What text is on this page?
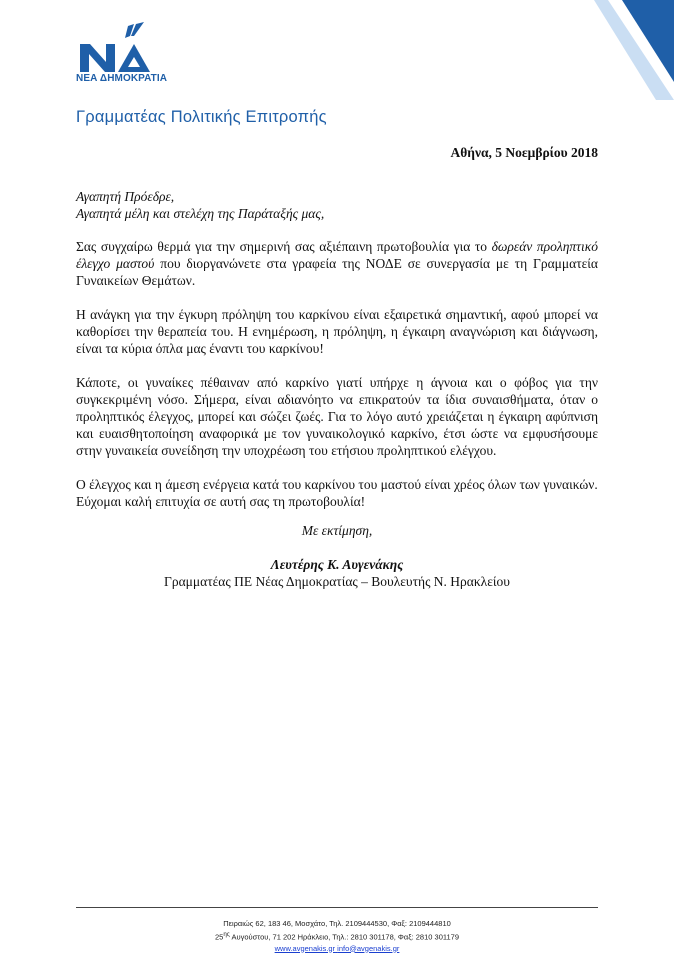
ΝΕΑ ΔΗΜΟΚΡΑΤΙΑ
Γραμματέας Πολιτικής Επιτροπής
Αθήνα, 5 Νοεμβρίου 2018
Αγαπητή Πρόεδρε,
Αγαπητά μέλη και στελέχη της Παράταξής μας,

Σας συγχαίρω θερμά για την σημερινή σας αξιέπαινη πρωτοβουλία για το δωρεάν προληπτικό έλεγχο μαστού που διοργανώνετε στα γραφεία της ΝΟΔΕ σε συνεργασία με τη Γραμματεία Γυναικείων Θεμάτων.

Η ανάγκη για την έγκυρη πρόληψη του καρκίνου είναι εξαιρετικά σημαντική, αφού μπορεί να καθορίσει την θεραπεία του. Η ενημέρωση, η πρόληψη, η έγκαιρη αναγνώριση και διάγνωση, είναι τα κύρια όπλα μας έναντι του καρκίνου!

Κάποτε, οι γυναίκες πέθαιναν από καρκίνο γιατί υπήρχε η άγνοια και ο φόβος για την συγκεκριμένη νόσο. Σήμερα, είναι αδιανόητο να επικρατούν τα ίδια συναισθήματα, όταν ο προληπτικός έλεγχος, μπορεί και σώζει ζωές. Για το λόγο αυτό χρειάζεται η έγκαιρη αφύπνιση και ευαισθητοποίηση αναφορικά με τον γυναικολογικό καρκίνο, έτσι ώστε να εμφυσήσουμε στην γυναικεία συνείδηση την υποχρέωση του ετήσιου προληπτικού ελέγχου.

Ο έλεγχος και η άμεση ενέργεια κατά του καρκίνου του μαστού είναι χρέος όλων των γυναικών. Εύχομαι καλή επιτυχία σε αυτή σας τη πρωτοβουλία!

Με εκτίμηση,
Λευτέρης Κ. Αυγενάκης
Γραμματέας ΠΕ Νέας Δημοκρατίας – Βουλευτής Ν. Ηρακλείου
Πειραιώς 62, 183 46, Μοσχάτο, Τηλ. 2109444530, Φαξ: 2109444810
$25^{\eta\varsigma}$ Αυγούστου, 71 202 Ηράκλειο, Τηλ.: 2810 301178, Φαξ: 2810 301179
www.avgenakis.gr info@avgenakis.gr
